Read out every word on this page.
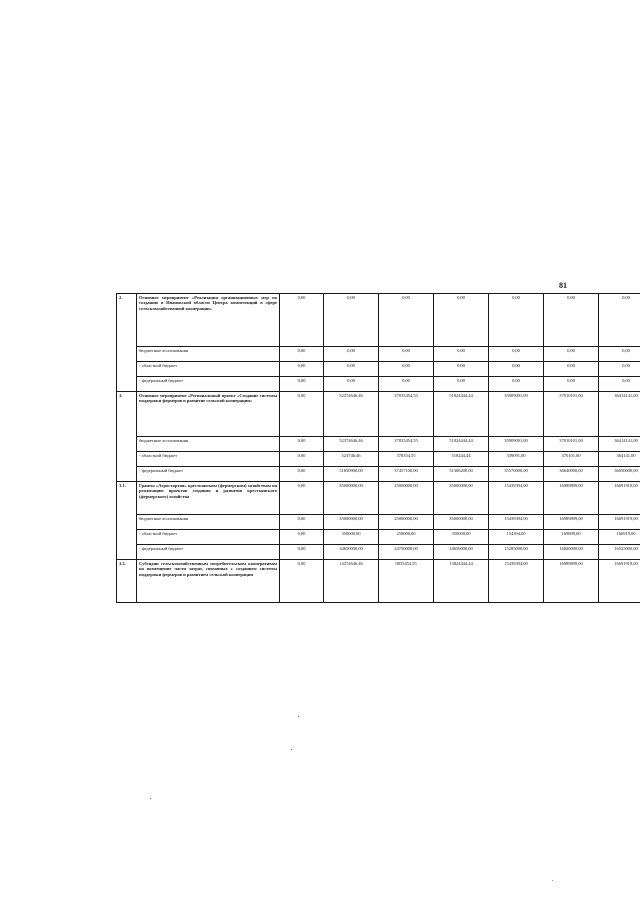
81
2.	Основное мероприятие «Реализация организационных мер по созданию в Ивановской области Центра компетенций в сфере сельскохозяйственной кооперации»	0,00	0,00	0,00	0,00	0,00	0,00	0,00
	бюджетные ассигнования	0,00	0,00	0,00	0,00	0,00	0,00	0,00
	- областной бюджет	0,00	0,00	0,00	0,00	0,00	0,00	0,00
	- федеральный бюджет	0,00	0,00	0,00	0,00	0,00	0,00	0,00
3.	Основное мероприятие «Региональный проект «Создание системы поддержки фермеров и развитие сельской кооперации»	0,00	52374646,46	37835454,55	51824444,44	35909091,00	37010101,00	36414141,00
	бюджетные ассигнования	0,00	52374646,46	37835454,55	51824444,44	35909091,00	37010101,00	36414141,00
	- областной бюджет	0,00	523746,46	378354,55	518244,44	339091,00	370101,00	364141,00
	- федеральный бюджет	0,00	51850900,00	37457100,00	51306200,00	35570000,00	36640000,00	36050000,00
3.1.	Гранты «Агростартап» крестьянским (фермерским) хозяйствам на реализацию проектов создания и развития крестьянского (фермерского) хозяйства	0,00	35000000,00	25000000,00	35000000,00	15439394,00	16989899,00	16691919,00
	бюджетные ассигнования	0,00	35000000,00	25000000,00	35000000,00	15439394,00	16989899,00	16691919,00
	- областной бюджет	0,00	350000,00	250000,00	350000,00	154394,00	169899,00	166919,00
	- федеральный бюджет	0,00	34650000,00	24750000,00	34650000,00	15285000,00	16820000,00	16525000,00
3.2.	Субсидии сельскохозяйственным потребительским кооперативам на возмещение части затрат, связанных с созданием системы поддержки фермеров и развитием сельской кооперации	0,00	14374646,46	9835454,55	13824444,44	15439394,00	16989899,00	16691919,00
